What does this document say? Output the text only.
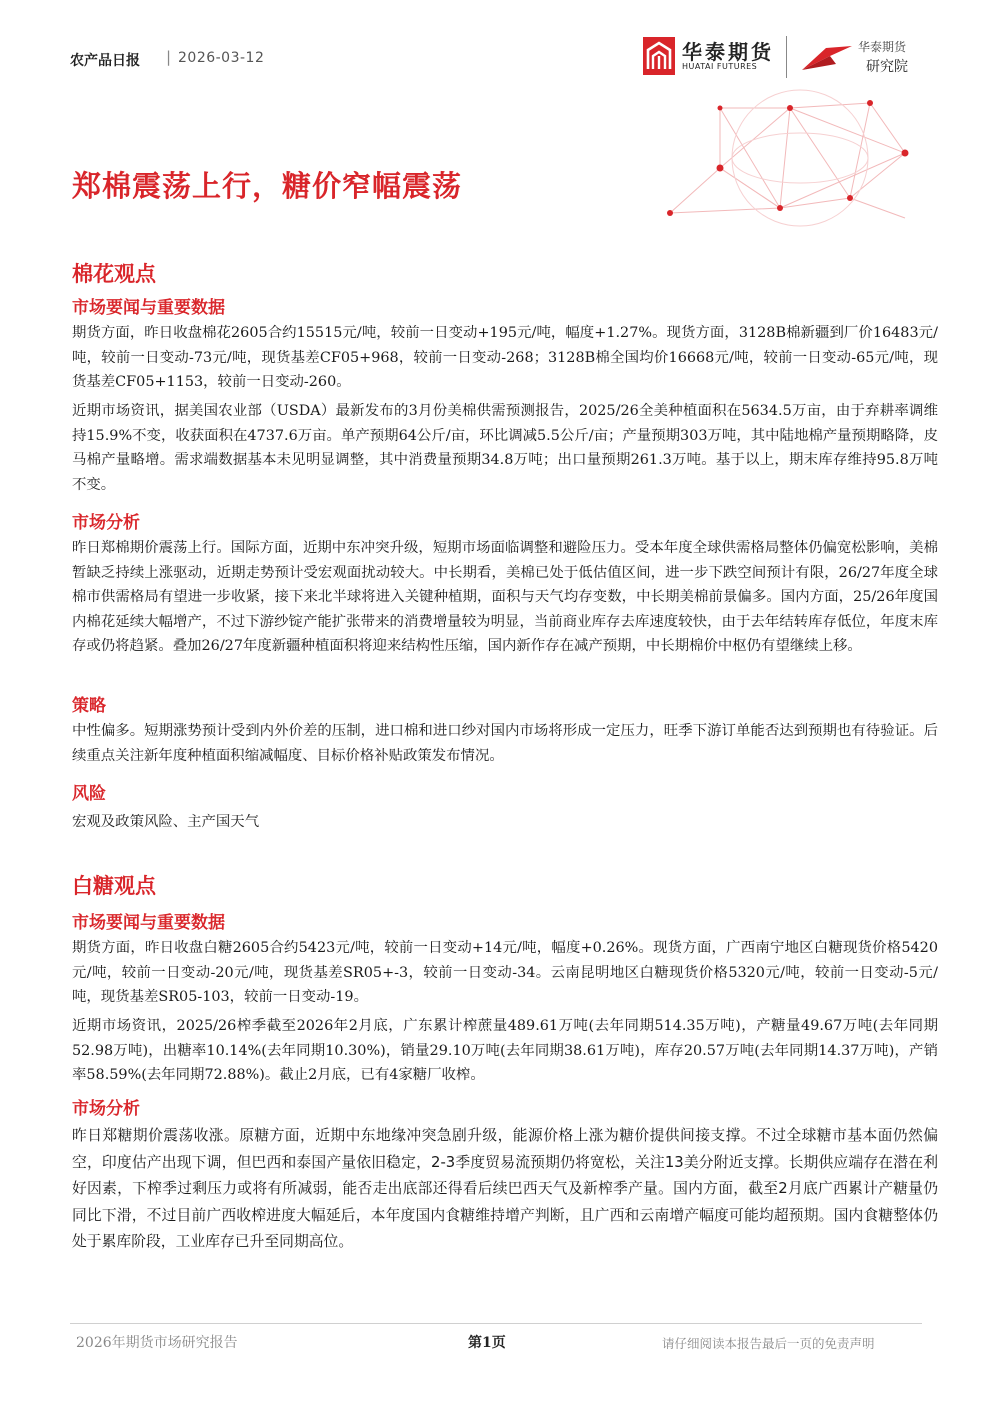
农产品日报 | 2026-03-12	华泰期货
HUATAI FUTURES
华泰期货
研究院
郑棉震荡上行，糖价窄幅震荡
棉花观点
市场要闻与重要数据

期货方面，昨日收盘棉花2605合约15515元/吨，较前一日变动+195元/吨，幅度+1.27%。现货方面，3128B棉新疆到厂价16483元/吨，较前一日变动-73元/吨，现货基差CF05+968，较前一日变动-268；3128B棉全国均价16668元/吨，较前一日变动-65元/吨，现货基差CF05+1153，较前一日变动-260。

近期市场资讯，据美国农业部（USDA）最新发布的3月份美棉供需预测报告，2025/26全美种植面积在5634.5万亩，由于弃耕率调维持15.9%不变，收获面积在4737.6万亩。单产预期64公斤/亩，环比调减5.5公斤/亩；产量预期303万吨，其中陆地棉产量预期略降，皮马棉产量略增。需求端数据基本未见明显调整，其中消费量预期34.8万吨；出口量预期261.3万吨。基于以上，期末库存维持95.8万吨不变。

市场分析

昨日郑棉期价震荡上行。国际方面，近期中东冲突升级，短期市场面临调整和避险压力。受本年度全球供需格局整体仍偏宽松影响，美棉暂缺乏持续上涨驱动，近期走势预计受宏观面扰动较大。中长期看，美棉已处于低估值区间，进一步下跌空间预计有限，26/27年度全球棉市供需格局有望进一步收紧，接下来北半球将进入关键种植期，面积与天气均存变数，中长期美棉前景偏多。国内方面，25/26年度国内棉花延续大幅增产，不过下游纱锭产能扩张带来的消费增量较为明显，当前商业库存去库速度较快，由于去年结转库存低位，年度末库存或仍将趋紧。叠加26/27年度新疆种植面积将迎来结构性压缩，国内新作存在减产预期，中长期棉价中枢仍有望继续上移。

策略

中性偏多。短期涨势预计受到内外价差的压制，进口棉和进口纱对国内市场将形成一定压力，旺季下游订单能否达到预期也有待验证。后续重点关注新年度种植面积缩减幅度、目标价格补贴政策发布情况。

风险

宏观及政策风险、主产国天气

白糖观点
市场要闻与重要数据

期货方面，昨日收盘白糖2605合约5423元/吨，较前一日变动+14元/吨，幅度+0.26%。现货方面，广西南宁地区白糖现货价格5420元/吨，较前一日变动-20元/吨，现货基差SR05+-3，较前一日变动-34。云南昆明地区白糖现货价格5320元/吨，较前一日变动-5元/吨，现货基差SR05-103，较前一日变动-19。

近期市场资讯，2025/26榨季截至2026年2月底，广东累计榨蔗量489.61万吨(去年同期514.35万吨)，产糖量49.67万吨(去年同期52.98万吨)，出糖率10.14%(去年同期10.30%)，销量29.10万吨(去年同期38.61万吨)，库存20.57万吨(去年同期14.37万吨)，产销率58.59%(去年同期72.88%)。截止2月底，已有4家糖厂收榨。

市场分析

昨日郑糖期价震荡收涨。原糖方面，近期中东地缘冲突急剧升级，能源价格上涨为糖价提供间接支撑。不过全球糖市基本面仍然偏空，印度估产出现下调，但巴西和泰国产量依旧稳定，2-3季度贸易流预期仍将宽松，关注13美分附近支撑。长期供应端存在潜在利好因素，下榨季过剩压力或将有所减弱，能否走出底部还得看后续巴西天气及新榨季产量。国内方面，截至2月底广西累计产糖量仍同比下滑，不过目前广西收榨进度大幅延后，本年度国内食糖维持增产判断，且广西和云南增产幅度可能均超预期。国内食糖整体仍处于累库阶段，工业库存已升至同期高位。

2026年期货市场研究报告	第1页	请仔细阅读本报告最后一页的免责声明
